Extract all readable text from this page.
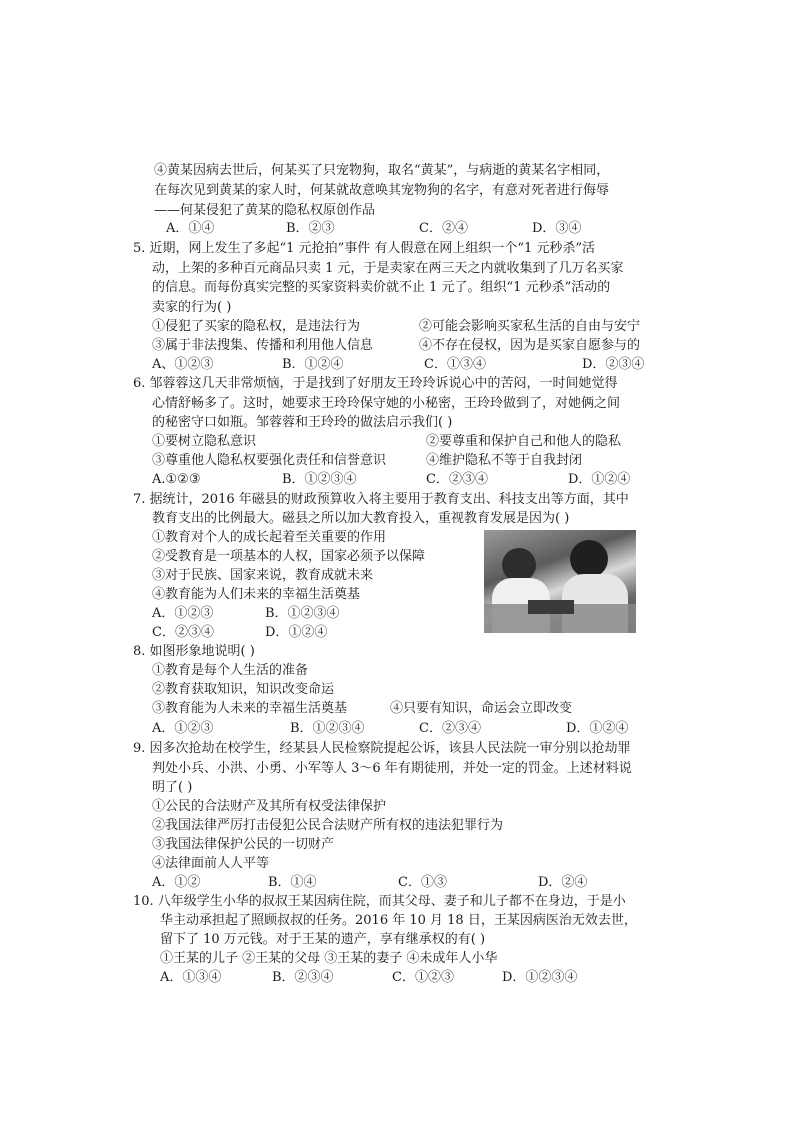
④黄某因病去世后，何某买了只宠物狗，取名“黄某”，与病逝的黄某名字相同，
在每次见到黄某的家人时，何某就故意唤其宠物狗的名字，有意对死者进行侮辱
——何某侵犯了黄某的隐私权原创作品
A．①④	B．②③	C．②④	D．③④
5. 近期，网上发生了多起“1 元抢拍”事件 有人假意在网上组织一个“1 元秒杀”活
动，上架的多种百元商品只卖 1 元，于是卖家在两三天之内就收集到了几万名买家
的信息。而每份真实完整的买家资料卖价就不止 1 元了。组织“1 元秒杀”活动的
卖家的行为( )
①侵犯了买家的隐私权，是违法行为	②可能会影响买家私生活的自由与安宁
③属于非法搜集、传播和利用他人信息	④不存在侵权，因为是买家自愿参与的
A、①②③	B．①②④	C．①③④	D．②③④
6. 邹蓉蓉这几天非常烦恼，于是找到了好朋友王玲玲诉说心中的苦闷，一时间她觉得
心情舒畅多了。这时，她要求王玲玲保守她的小秘密，王玲玲做到了，对她俩之间
的秘密守口如瓶。邹蓉蓉和王玲玲的做法启示我们( )
①要树立隐私意识	②要尊重和保护自己和他人的隐私
③尊重他人隐私权要强化责任和信誉意识	④维护隐私不等于自我封闭
A.①②③	B．①②③④	C．②③④	D．①②④
7. 据统计，2016 年磁县的财政预算收入将主要用于教育支出、科技支出等方面，其中
教育支出的比例最大。磁县之所以加大教育投入，重视教育发展是因为( )
①教育对个人的成长起着至关重要的作用
②受教育是一项基本的人权，国家必须予以保障
③对于民族、国家来说，教育成就未来
④教育能为人们未来的幸福生活奠基
A．①②③	B．①②③④
C．②③④	D．①②④
8. 如图形象地说明( )
①教育是每个人生活的准备
②教育获取知识，知识改变命运
③教育能为人未来的幸福生活奠基	④只要有知识，命运会立即改变
A．①②③	B．①②③④	C．②③④	D．①②④
9. 因多次抢劫在校学生，经某县人民检察院提起公诉，该县人民法院一审分别以抢劫罪
判处小兵、小洪、小勇、小军等人 3～6 年有期徒刑，并处一定的罚金。上述材料说
明了( )
①公民的合法财产及其所有权受法律保护
②我国法律严厉打击侵犯公民合法财产所有权的违法犯罪行为
③我国法律保护公民的一切财产
④法律面前人人平等
A．①②	B．①④	C．①③	D．②④
10. 八年级学生小华的叔叔王某因病住院，而其父母、妻子和儿子都不在身边，于是小
华主动承担起了照顾叔叔的任务。2016 年 10 月 18 日，王某因病医治无效去世，
留下了 10 万元钱。对于王某的遗产，享有继承权的有( )
①王某的儿子 ②王某的父母 ③王某的妻子 ④未成年人小华
A．①③④	B．②③④	C．①②③	D．①②③④
